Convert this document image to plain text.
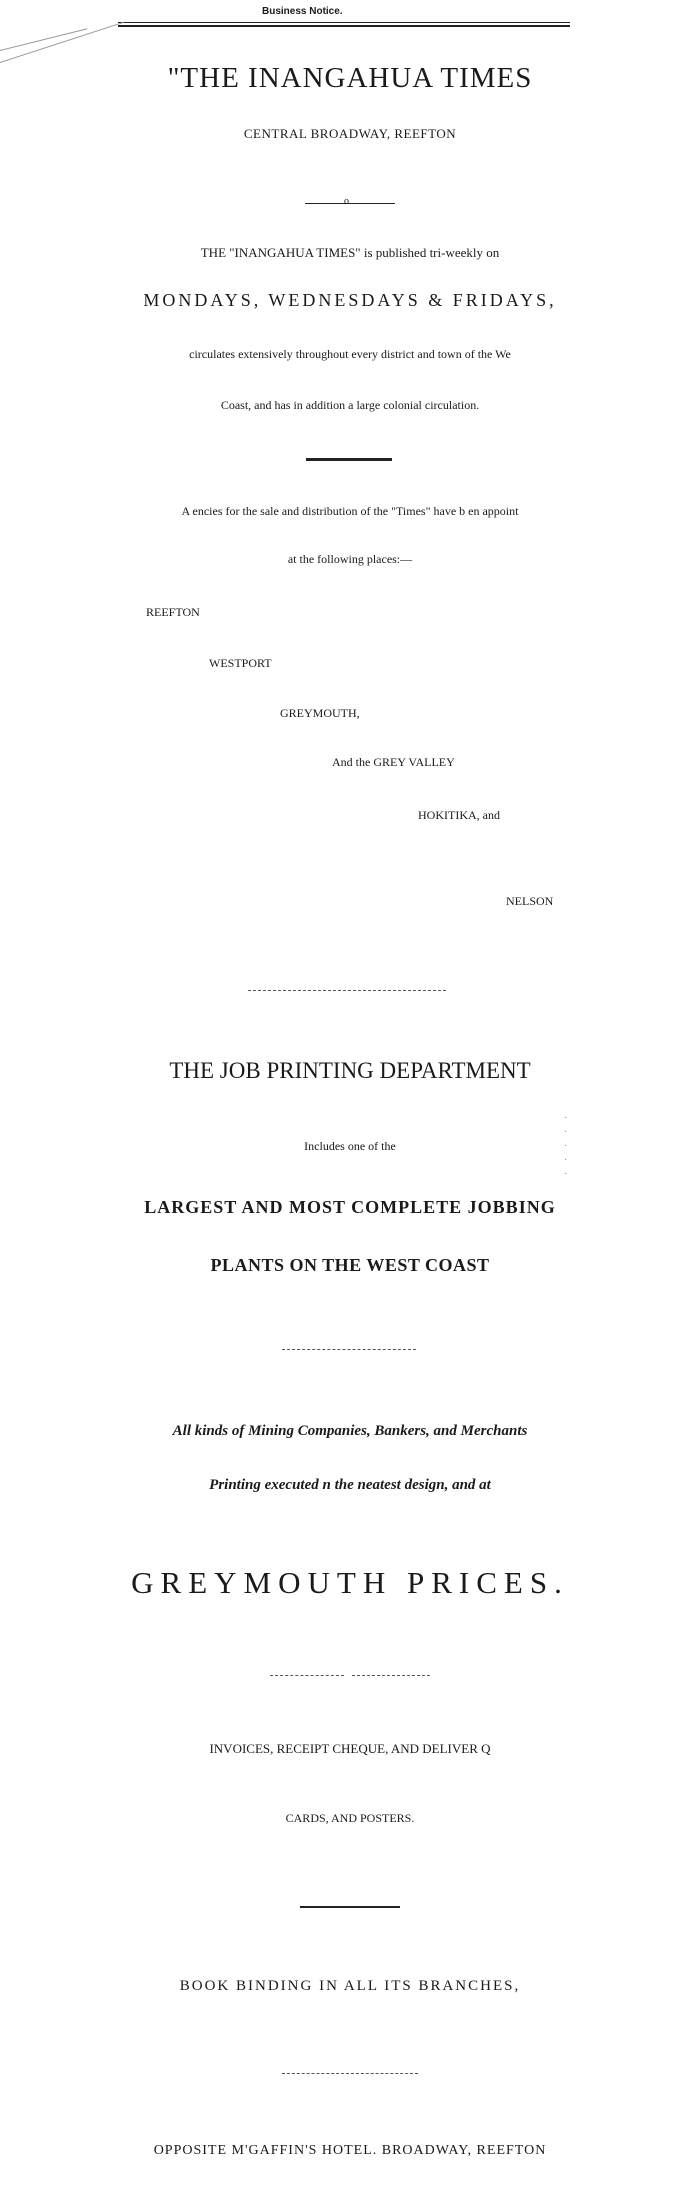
Business Notice.
"THE INANGAHUA TIMES
CENTRAL BROADWAY, REEFTON
o
THE "INANGAHUA TIMES" is published tri-weekly on
MONDAYS, WEDNESDAYS & FRIDAYS,
circulates extensively throughout every district and town of the We
Coast, and has in addition a large colonial circulation.
A encies for the sale and distribution of the "Times" have b en appoint
at the following places:—
REEFTON
WESTPORT
GREYMOUTH,
And the GREY VALLEY
HOKITIKA, and
NELSON
THE JOB PRINTING DEPARTMENT
Includes one of the
LARGEST AND MOST COMPLETE JOBBING
PLANTS ON THE WEST COAST
·
·
·
·
·
All kinds of Mining Companies, Bankers, and Merchants
Printing executed n the neatest design, and at
GREYMOUTH PRICES.
INVOICES, RECEIPT CHEQUE, AND DELIVER Q
CARDS, AND POSTERS.
BOOK BINDING IN ALL ITS BRANCHES,
OPPOSITE M'GAFFIN'S HOTEL. BROADWAY, REEFTON
